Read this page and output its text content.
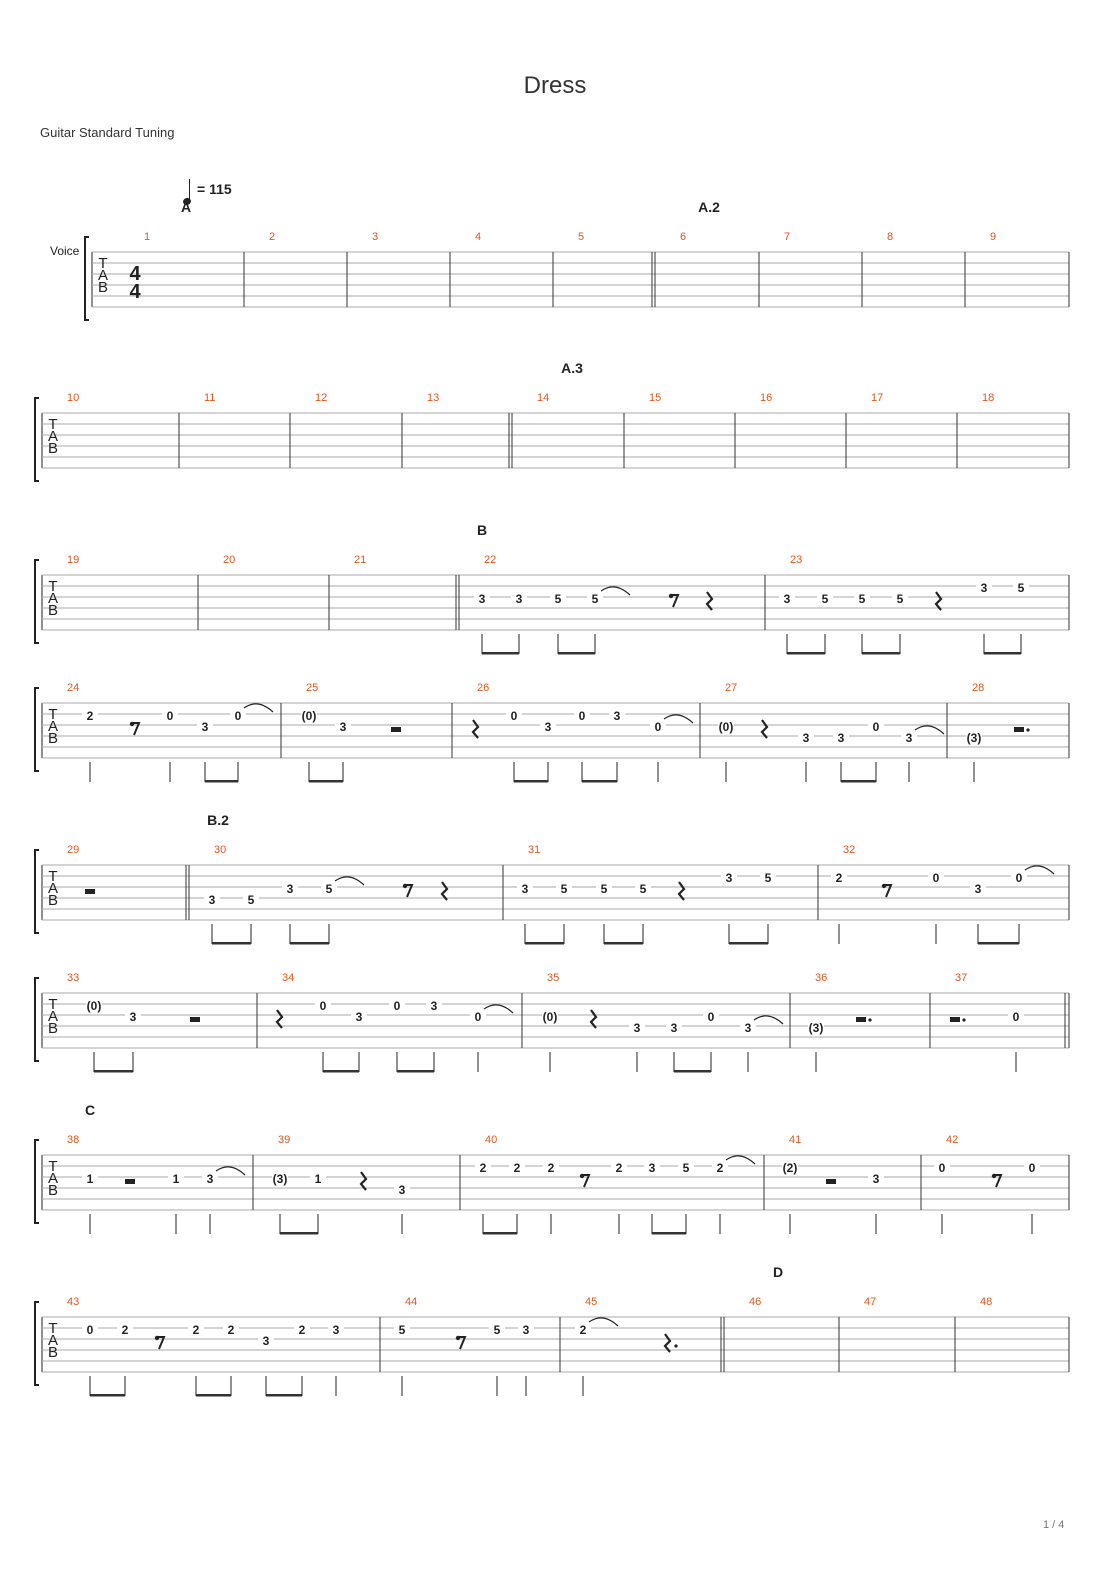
Dress
Guitar Standard Tuning
= 115
T
A
B
1	2	3	4	5	6	7	8	9
T
A
B
10	11	12	13	14	15	16	17	18
T
A
B
19	20	21	22	23
T
A
B
24	25	26	27	28
T
A
B
29	30	31	32
T
A
B
33	34	35	36	37
T
A
B
38	39	40	41	42
T
A
B
43	44	45	46	47	48
Voice
4
4
A	A.2
A.3
B
B.2
C
D
3	3	5	5	3	5	5	5
3	5
2	0
3
0	(0)
3
0
3
0 3
0	(0)
3 3
0
3	(3)
3	5
3	5	3	5	5	5
3	5	2	0
3
0
(0)
3
0
3
0	3
0	(0)
3	3
0
3	(3)
0
1	1 3	(3) 1
3
2 2 2	2 3 5 2	(2)
3
0	0
0 2	2 2
3
2 3	5	5 3	2
1 / 4
